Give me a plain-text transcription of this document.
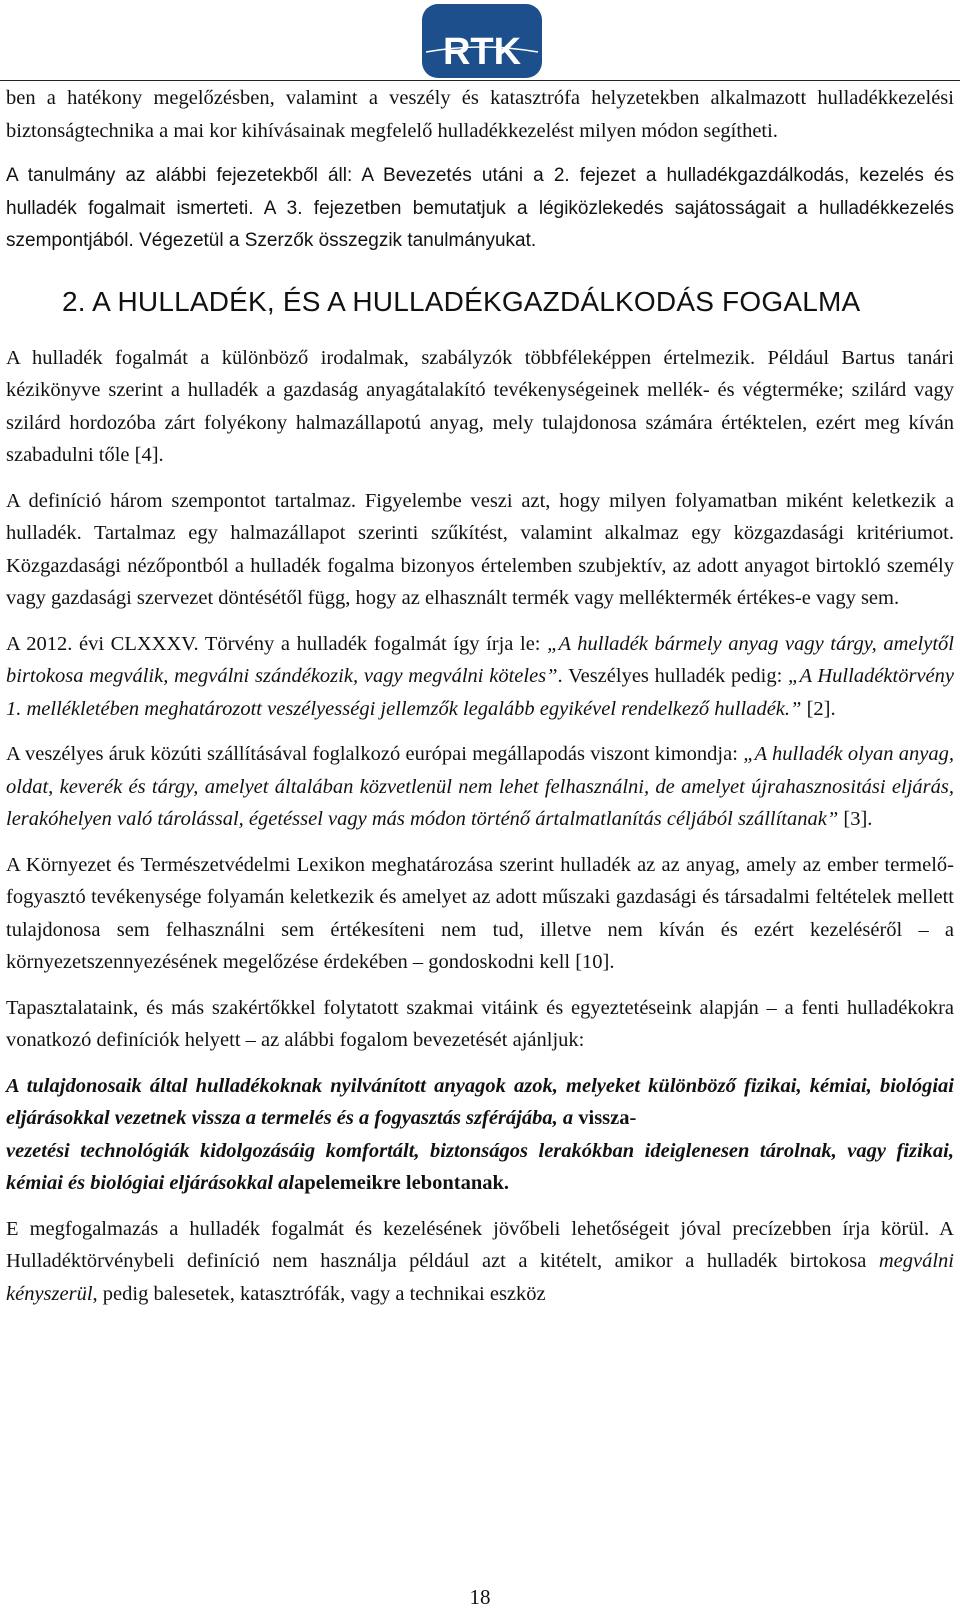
RTK

ben a hatékony megelőzésben, valamint a veszély és katasztrófa helyzetekben alkalmazott hulladékkezelési biztonságtechnika a mai kor kihívásainak megfelelő hulladékkezelést milyen módon segítheti.

A tanulmány az alábbi fejezetekből áll: A Bevezetés utáni a 2. fejezet a hulladékgazdálkodás, kezelés és hulladék fogalmait ismerteti. A 3. fejezetben bemutatjuk a légiközlekedés sajátosságait a hulladékkezelés szempontjából. Végezetül a Szerzők összegzik tanulmányukat.

2. A HULLADÉK, ÉS A HULLADÉKGAZDÁLKODÁS FOGALMA

A hulladék fogalmát a különböző irodalmak, szabályzók többféleképpen értelmezik. Például Bartus tanári kézikönyve szerint a hulladék a gazdaság anyagátalakító tevékenységeinek mellék- és végterméke; szilárd vagy szilárd hordozóba zárt folyékony halmazállapotú anyag, mely tulajdonosa számára értéktelen, ezért meg kíván szabadulni tőle [4].

A definíció három szempontot tartalmaz. Figyelembe veszi azt, hogy milyen folyamatban miként keletkezik a hulladék. Tartalmaz egy halmazállapot szerinti szűkítést, valamint alkalmaz egy közgazdasági kritériumot. Közgazdasági nézőpontból a hulladék fogalma bizonyos értelemben szubjektív, az adott anyagot birtokló személy vagy gazdasági szervezet döntésétől függ, hogy az elhasznált termék vagy melléktermék értékes-e vagy sem.

A 2012. évi CLXXXV. Törvény a hulladék fogalmát így írja le: „A hulladék bármely anyag vagy tárgy, amelytől birtokosa megválik, megválni szándékozik, vagy megválni köteles”. Veszélyes hulladék pedig: „A Hulladéktörvény 1. mellékletében meghatározott veszélyességi jellemzők legalább egyikével rendelkező hulladék.” [2].

A veszélyes áruk közúti szállításával foglalkozó európai megállapodás viszont kimondja: „A hulladék olyan anyag, oldat, keverék és tárgy, amelyet általában közvetlenül nem lehet felhasználni, de amelyet újrahasznositási eljárás, lerakóhelyen való tárolással, égetéssel vagy más módon történő ártalmatlanítás céljából szállítanak” [3].

A Környezet és Természetvédelmi Lexikon meghatározása szerint hulladék az az anyag, amely az ember termelő-fogyasztó tevékenysége folyamán keletkezik és amelyet az adott műszaki gazdasági és társadalmi feltételek mellett tulajdonosa sem felhasználni sem értékesíteni nem tud, illetve nem kíván és ezért kezeléséről – a környezetszennyezésének megelőzése érdekében – gondoskodni kell [10].

Tapasztalataink, és más szakértőkkel folytatott szakmai vitáink és egyeztetéseink alapján – a fenti hulladékokra vonatkozó definíciók helyett – az alábbi fogalom bevezetését ajánljuk:

A tulajdonosaik által hulladékoknak nyilvánított anyagok azok, melyeket különböző fizikai, kémiai, biológiai eljárásokkal vezetnek vissza a termelés és a fogyasztás szférájába, a vissza-
vezetési technológiák kidolgozásáig komfortált, biztonságos lerakókban ideiglenesen tárolnak, vagy fizikai, kémiai és biológiai eljárásokkal alapelemeikre lebontanak.

E megfogalmazás a hulladék fogalmát és kezelésének jövőbeli lehetőségeit jóval precízebben írja körül. A Hulladéktörvénybeli definíció nem használja például azt a kitételt, amikor a hulladék birtokosa megválni kényszerül, pedig balesetek, katasztrófák, vagy a technikai eszköz

18
